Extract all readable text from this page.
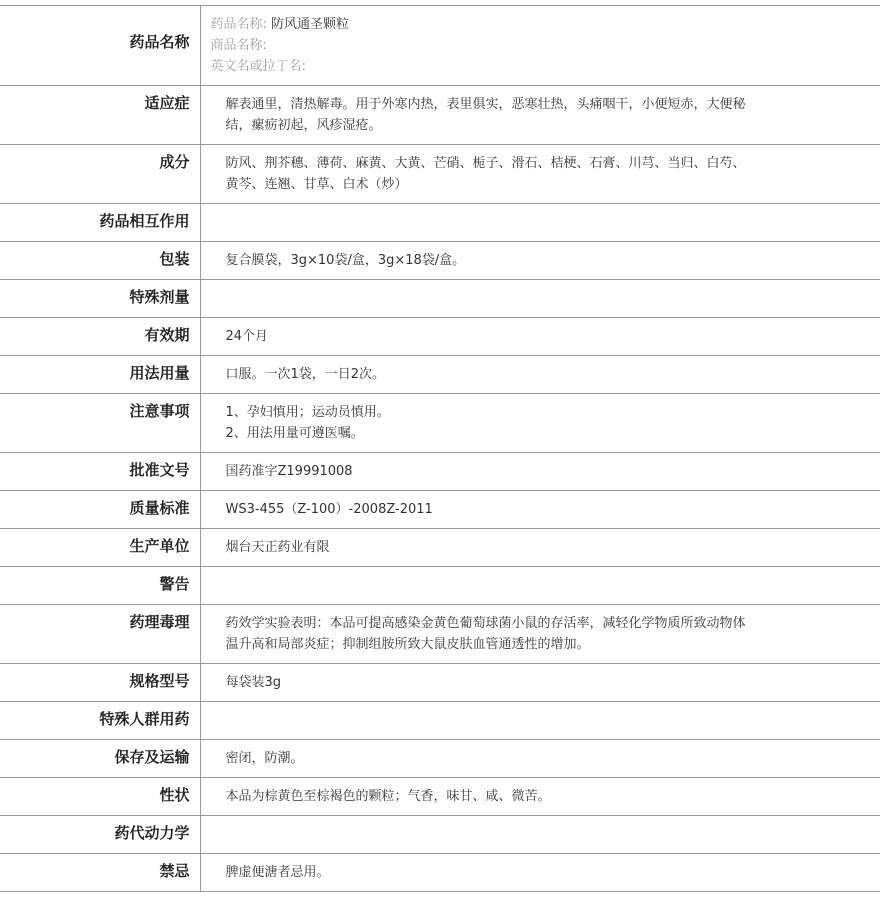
药品名称	药品名称: 防风通圣颗粒
商品名称:
英文名或拉丁名:

适应症	解表通里，清热解毒。用于外寒内热，表里俱实，恶寒壮热，头痛咽干，小便短赤，大便秘
结，瘰疬初起，风疹湿疮。

成分	防风、荆芥穗、薄荷、麻黄、大黄、芒硝、栀子、滑石、桔梗、石膏、川芎、当归、白芍、
黄芩、连翘、甘草、白术（炒）

药品相互作用	

包装	复合膜袋，3g×10袋/盒，3g×18袋/盒。

特殊剂量	

有效期	24个月

用法用量	口服。一次1袋，一日2次。

注意事项	1、孕妇慎用；运动员慎用。
2、用法用量可遵医嘱。

批准文号	国药准字Z19991008

质量标准	WS3-455（Z-100）-2008Z-2011

生产单位	烟台天正药业有限

警告	

药理毒理	药效学实验表明：本品可提高感染金黄色葡萄球菌小鼠的存活率，减轻化学物质所致动物体
温升高和局部炎症；抑制组胺所致大鼠皮肤血管通透性的增加。

规格型号	每袋装3g

特殊人群用药	

保存及运输	密闭，防潮。

性状	本品为棕黄色至棕褐色的颗粒；气香，味甘、咸、微苦。

药代动力学	

禁忌	脾虚便溏者忌用。
